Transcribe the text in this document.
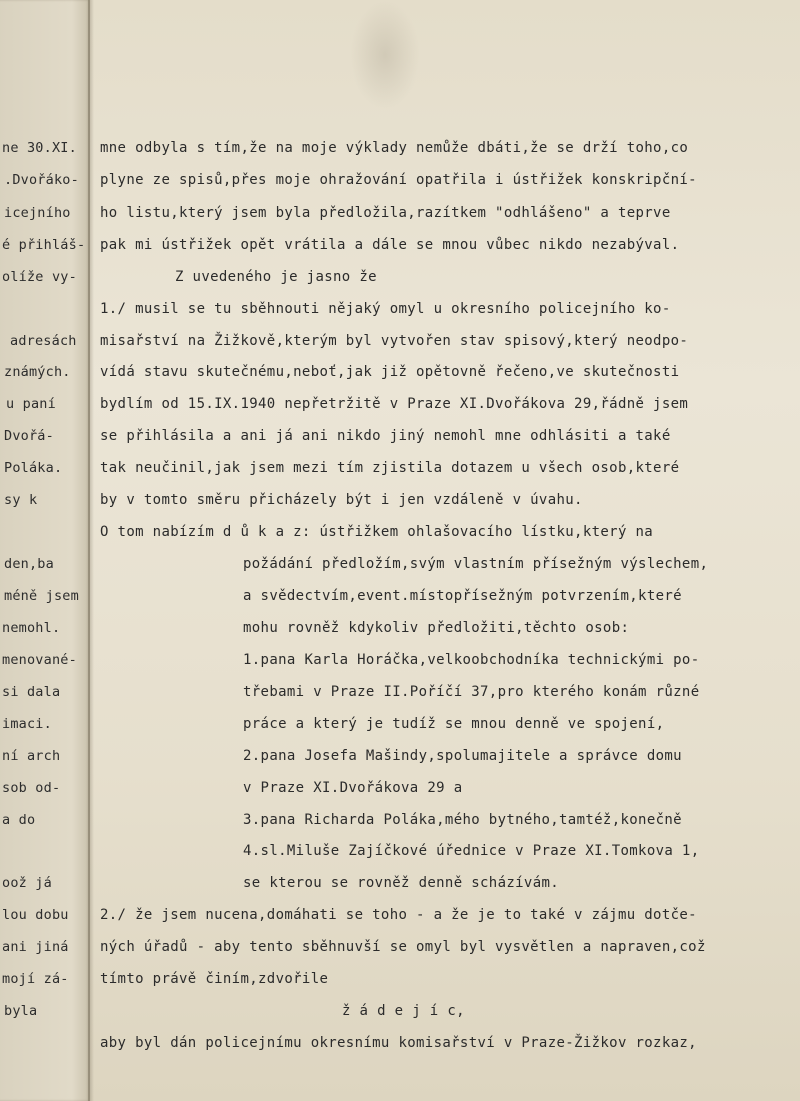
ne 30.XI.
.Dvořáko-
icejního
é přihláš-
olíže vy-
adresách
známých.
u paní
Dvořá-
Poláka.
sy k
den,ba
méně jsem
nemohl.
menované-
si dala
imaci.
ní arch
sob od-
a do
oož já
lou dobu
ani jiná
mojí zá-
byla
mne odbyla s tím,že na moje výklady nemůže dbáti,že se drží toho,co
plyne ze spisů,přes moje ohražování opatřila i ústřižek konskripční-
ho listu,který jsem byla předložila,razítkem "odhlášeno" a teprve
pak mi ústřižek opět vrátila a dále se mnou vůbec nikdo nezabýval.
Z uvedeného je jasno že
1./ musil se tu sběhnouti nějaký omyl u okresního policejního ko-
misařství na Žižkově,kterým byl vytvořen stav spisový,který neodpo-
vídá stavu skutečnému,neboť,jak již opětovně řečeno,ve skutečnosti
bydlím od 15.IX.1940 nepřetržitě v Praze XI.Dvořákova 29,řádně jsem
se přihlásila a ani já ani nikdo jiný nemohl mne odhlásiti a také
tak neučinil,jak jsem mezi tím zjistila dotazem u všech osob,které
by v tomto směru přicházely být i jen vzdáleně v úvahu.
O tom nabízím d ů k a z: ústřižkem ohlašovacího lístku,který na
požádání předložím,svým vlastním přísežným výslechem,
a svědectvím,event.místopřísežným potvrzením,které
mohu rovněž kdykoliv předložiti,těchto osob:
1.pana Karla Horáčka,velkoobchodníka technickými po-
třebami v Praze II.Poříčí 37,pro kterého konám různé
práce a který je tudíž se mnou denně ve spojení,
2.pana Josefa Mašindy,spolumajitele a správce domu
v Praze XI.Dvořákova 29 a
3.pana Richarda Poláka,mého bytného,tamtéž,konečně
4.sl.Miluše Zajíčkové úřednice v Praze XI.Tomkova 1,
se kterou se rovněž denně scházívám.
2./ že jsem nucena,domáhati se toho - a že je to také v zájmu dotče-
ných úřadů - aby tento sběhnuvší se omyl byl vysvětlen a napraven,což
tímto právě činím,zdvořile
ž á d e j í c,
aby byl dán policejnímu okresnímu komisařství v Praze-Žižkov rozkaz,
